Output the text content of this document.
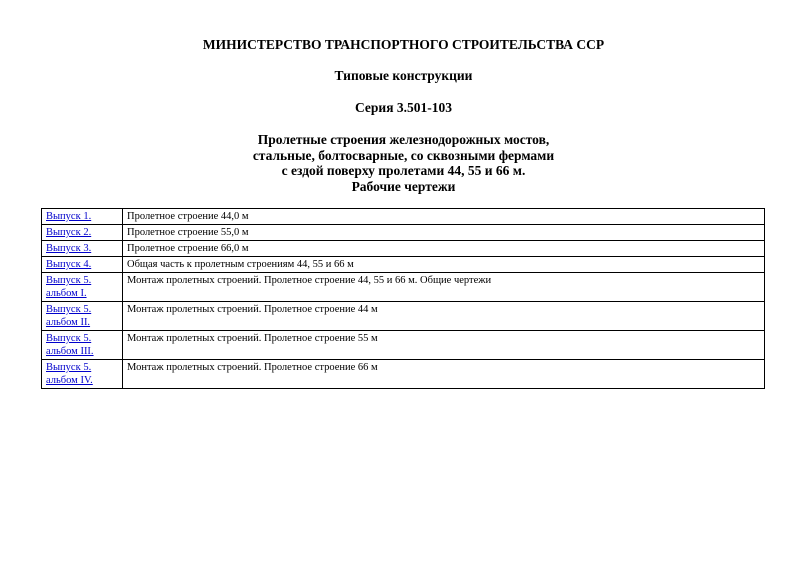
МИНИСТЕРСТВО ТРАНСПОРТНОГО СТРОИТЕЛЬСТВА ССР

Типовые конструкции

Серия 3.501-103

Пролетные строения железнодорожных мостов,
стальные, болтосварные, со сквозными фермами
с ездой поверху пролетами 44, 55 и 66 м.
Рабочие чертежи
Выпуск 1.	Пролетное строение 44,0 м

Выпуск 2.	Пролетное строение 55,0 м

Выпуск 3.	Пролетное строение 66,0 м

Выпуск 4.	Общая часть к пролетным строениям 44, 55 и 66 м

Выпуск 5.
альбом I.	Монтаж пролетных строений. Пролетное строение 44, 55 и 66 м. Общие чертежи

Выпуск 5.
альбом II.	Монтаж пролетных строений. Пролетное строение 44 м

Выпуск 5.
альбом III.	Монтаж пролетных строений. Пролетное строение 55 м

Выпуск 5.
альбом IV.	Монтаж пролетных строений. Пролетное строение 66 м
